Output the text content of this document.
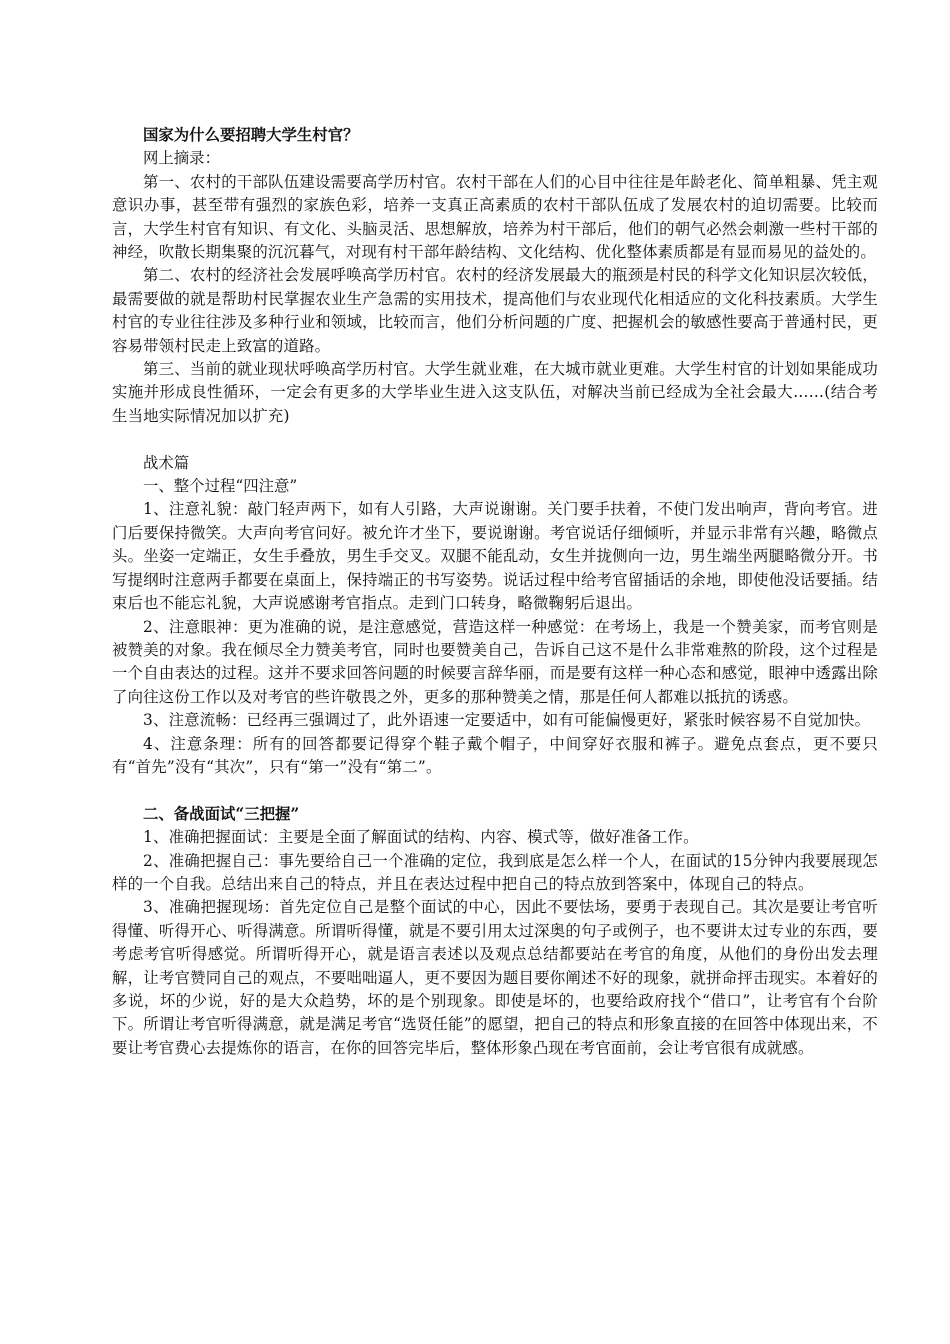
国家为什么要招聘大学生村官？

网上摘录：

第一、农村的干部队伍建设需要高学历村官。农村干部在人们的心目中往往是年龄老化、简单粗暴、凭主观意识办事，甚至带有强烈的家族色彩，培养一支真正高素质的农村干部队伍成了发展农村的迫切需要。比较而言，大学生村官有知识、有文化、头脑灵活、思想解放，培养为村干部后，他们的朝气必然会刺激一些村干部的神经，吹散长期集聚的沉沉暮气，对现有村干部年龄结构、文化结构、优化整体素质都是有显而易见的益处的。

第二、农村的经济社会发展呼唤高学历村官。农村的经济发展最大的瓶颈是村民的科学文化知识层次较低，最需要做的就是帮助村民掌握农业生产急需的实用技术，提高他们与农业现代化相适应的文化科技素质。大学生村官的专业往往涉及多种行业和领域，比较而言，他们分析问题的广度、把握机会的敏感性要高于普通村民，更容易带领村民走上致富的道路。

第三、当前的就业现状呼唤高学历村官。大学生就业难，在大城市就业更难。大学生村官的计划如果能成功实施并形成良性循环，一定会有更多的大学毕业生进入这支队伍，对解决当前已经成为全社会最大……(结合考生当地实际情况加以扩充)

战术篇

一、整个过程“四注意”

1、注意礼貌：敲门轻声两下，如有人引路，大声说谢谢。关门要手扶着，不使门发出响声，背向考官。进门后要保持微笑。大声向考官问好。被允许才坐下，要说谢谢。考官说话仔细倾听，并显示非常有兴趣，略微点头。坐姿一定端正，女生手叠放，男生手交叉。双腿不能乱动，女生并拢侧向一边，男生端坐两腿略微分开。书写提纲时注意两手都要在桌面上，保持端正的书写姿势。说话过程中给考官留插话的余地，即使他没话要插。结束后也不能忘礼貌，大声说感谢考官指点。走到门口转身，略微鞠躬后退出。

2、注意眼神：更为准确的说，是注意感觉，营造这样一种感觉：在考场上，我是一个赞美家，而考官则是被赞美的对象。我在倾尽全力赞美考官，同时也要赞美自己，告诉自己这不是什么非常难熬的阶段，这个过程是一个自由表达的过程。这并不要求回答问题的时候要言辞华丽，而是要有这样一种心态和感觉，眼神中透露出除了向往这份工作以及对考官的些许敬畏之外，更多的那种赞美之情，那是任何人都难以抵抗的诱惑。

3、注意流畅：已经再三强调过了，此外语速一定要适中，如有可能偏慢更好，紧张时候容易不自觉加快。

4、注意条理：所有的回答都要记得穿个鞋子戴个帽子，中间穿好衣服和裤子。避免点套点，更不要只有“首先”没有“其次”，只有“第一”没有“第二”。

二、备战面试“三把握”

1、准确把握面试：主要是全面了解面试的结构、内容、模式等，做好准备工作。

2、准确把握自己：事先要给自己一个准确的定位，我到底是怎么样一个人，在面试的15分钟内我要展现怎样的一个自我。总结出来自己的特点，并且在表达过程中把自己的特点放到答案中，体现自己的特点。

3、准确把握现场：首先定位自己是整个面试的中心，因此不要怯场，要勇于表现自己。其次是要让考官听得懂、听得开心、听得满意。所谓听得懂，就是不要引用太过深奥的句子或例子，也不要讲太过专业的东西，要考虑考官听得感觉。所谓听得开心，就是语言表述以及观点总结都要站在考官的角度，从他们的身份出发去理解，让考官赞同自己的观点，不要咄咄逼人，更不要因为题目要你阐述不好的现象，就拼命抨击现实。本着好的多说，坏的少说，好的是大众趋势，坏的是个别现象。即使是坏的，也要给政府找个“借口”，让考官有个台阶下。所谓让考官听得满意，就是满足考官“选贤任能”的愿望，把自己的特点和形象直接的在回答中体现出来，不要让考官费心去提炼你的语言，在你的回答完毕后，整体形象凸现在考官面前，会让考官很有成就感。
